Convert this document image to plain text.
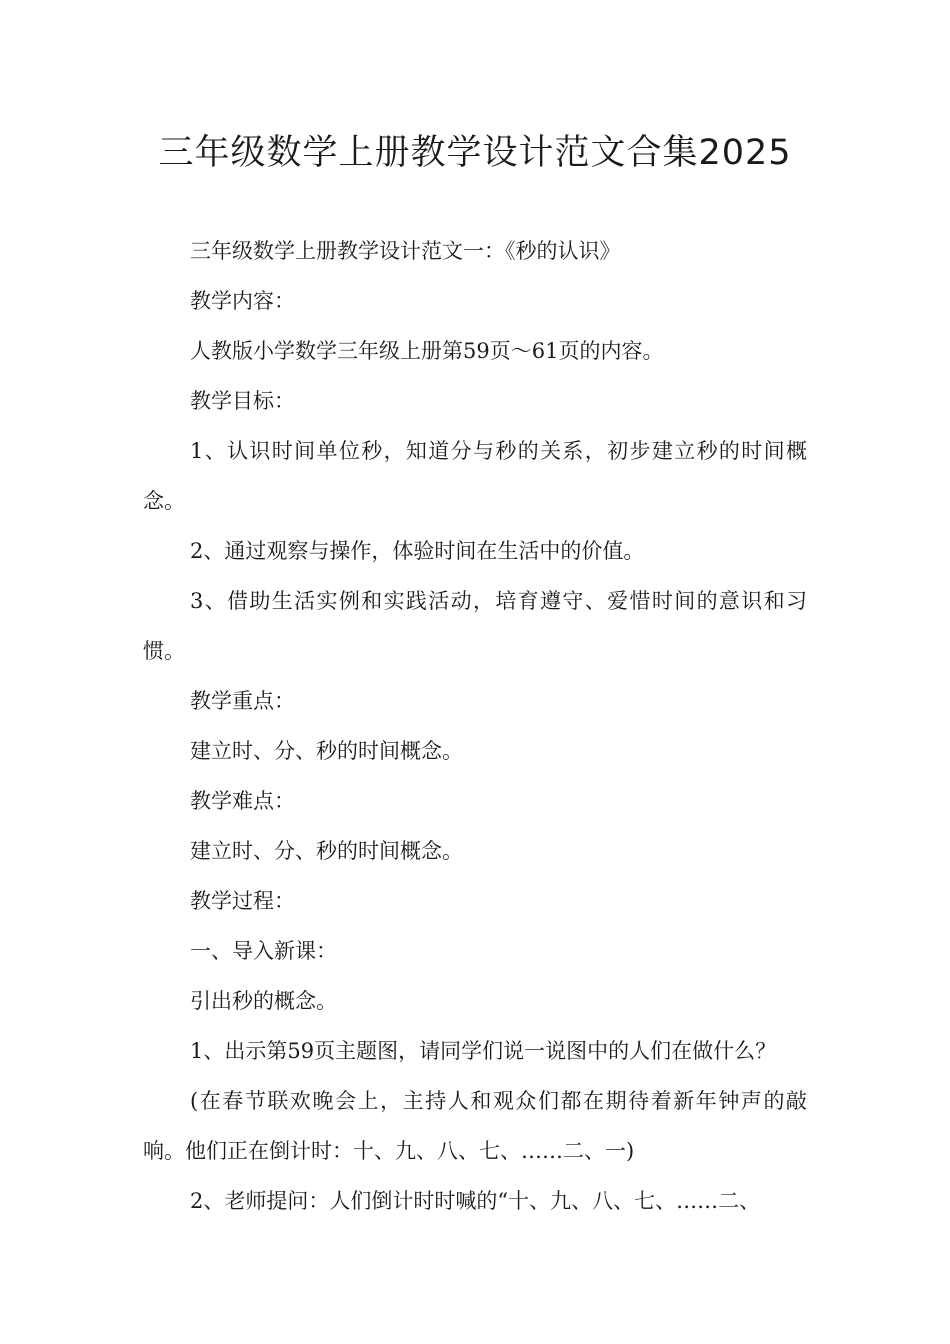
三年级数学上册教学设计范文合集2025

三年级数学上册教学设计范文一：《秒的认识》

教学内容：

人教版小学数学三年级上册第59页～61页的内容。

教学目标：

1、认识时间单位秒，知道分与秒的关系，初步建立秒的时间概念。

2、通过观察与操作，体验时间在生活中的价值。

3、借助生活实例和实践活动，培育遵守、爱惜时间的意识和习惯。

教学重点：

建立时、分、秒的时间概念。

教学难点：

建立时、分、秒的时间概念。

教学过程：

一、导入新课：

引出秒的概念。

1、出示第59页主题图，请同学们说一说图中的人们在做什么？

(在春节联欢晚会上，主持人和观众们都在期待着新年钟声的敲响。他们正在倒计时：十、九、八、七、……二、一)

2、老师提问：人们倒计时时喊的“十、九、八、七、……二、
